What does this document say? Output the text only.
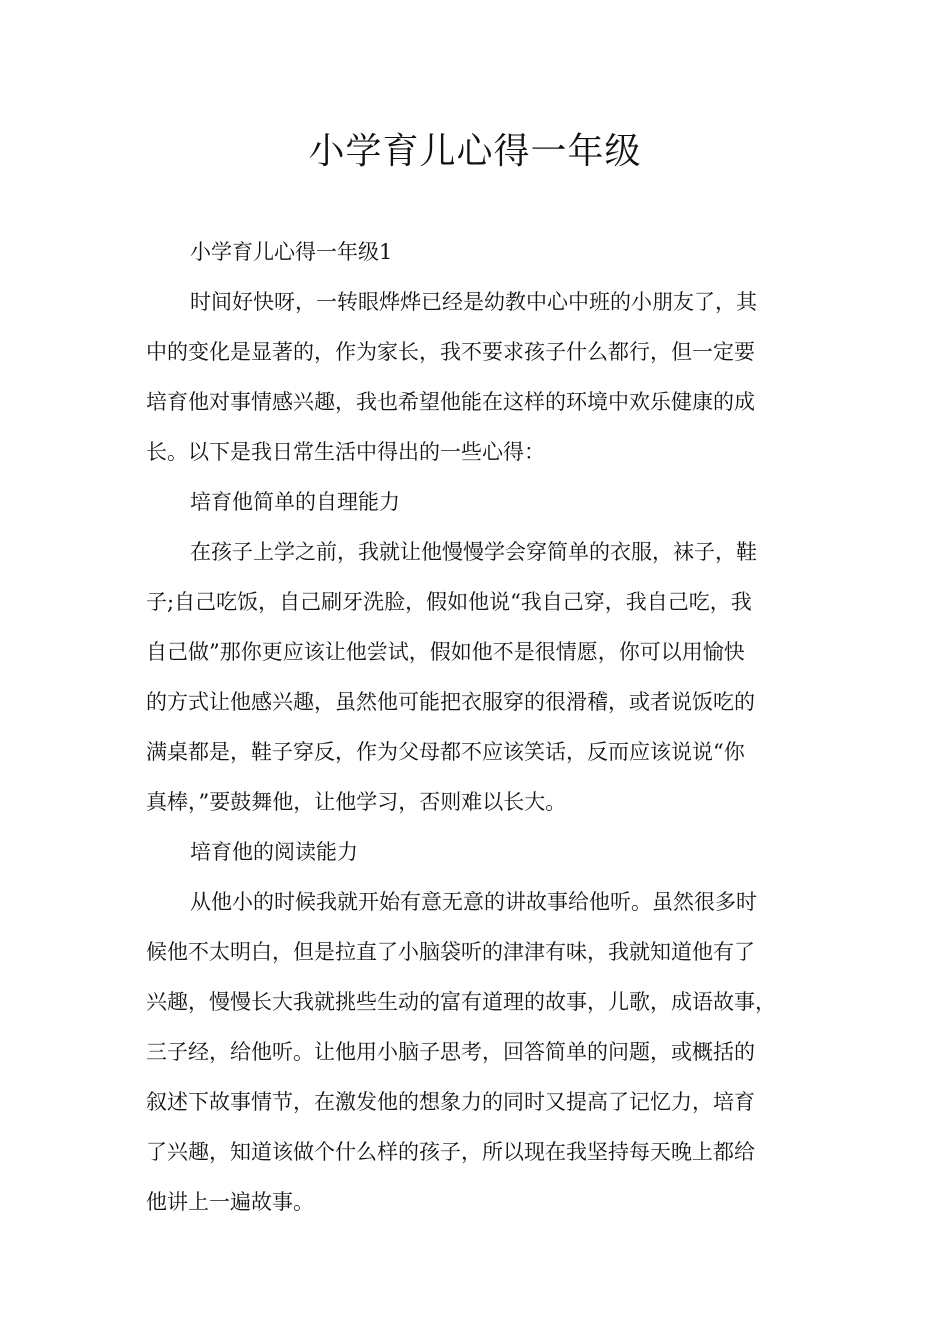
小学育儿心得一年级
小学育儿心得一年级1
时间好快呀，一转眼烨烨已经是幼教中心中班的小朋友了，其
中的变化是显著的，作为家长，我不要求孩子什么都行，但一定要
培育他对事情感兴趣，我也希望他能在这样的环境中欢乐健康的成
长。以下是我日常生活中得出的一些心得：
培育他简单的自理能力
在孩子上学之前，我就让他慢慢学会穿简单的衣服，袜子，鞋
子;自己吃饭，自己刷牙洗脸，假如他说“我自己穿，我自己吃，我
自己做”那你更应该让他尝试，假如他不是很情愿，你可以用愉快
的方式让他感兴趣，虽然他可能把衣服穿的很滑稽，或者说饭吃的
满桌都是，鞋子穿反，作为父母都不应该笑话，反而应该说说“你
真棒，”要鼓舞他，让他学习，否则难以长大。
培育他的阅读能力
从他小的时候我就开始有意无意的讲故事给他听。虽然很多时
候他不太明白，但是拉直了小脑袋听的津津有味，我就知道他有了
兴趣，慢慢长大我就挑些生动的富有道理的故事，儿歌，成语故事，
三子经，给他听。让他用小脑子思考，回答简单的问题，或概括的
叙述下故事情节，在激发他的想象力的同时又提高了记忆力，培育
了兴趣，知道该做个什么样的孩子，所以现在我坚持每天晚上都给
他讲上一遍故事。
